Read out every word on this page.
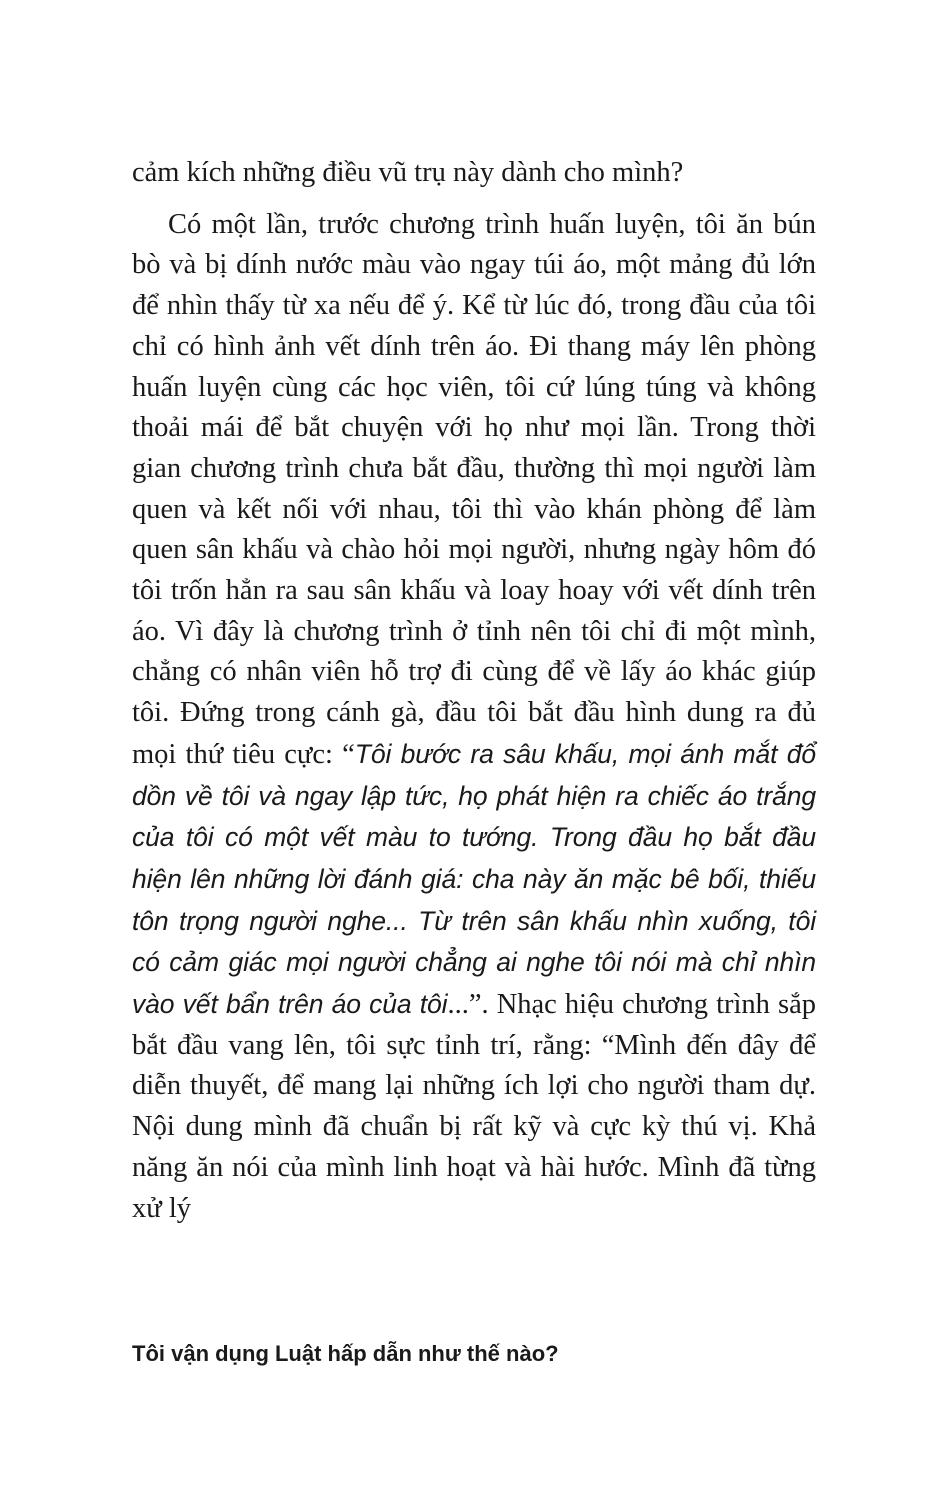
cảm kích những điều vũ trụ này dành cho mình?

Có một lần, trước chương trình huấn luyện, tôi ăn bún bò và bị dính nước màu vào ngay túi áo, một mảng đủ lớn để nhìn thấy từ xa nếu để ý. Kể từ lúc đó, trong đầu của tôi chỉ có hình ảnh vết dính trên áo. Đi thang máy lên phòng huấn luyện cùng các học viên, tôi cứ lúng túng và không thoải mái để bắt chuyện với họ như mọi lần. Trong thời gian chương trình chưa bắt đầu, thường thì mọi người làm quen và kết nối với nhau, tôi thì vào khán phòng để làm quen sân khấu và chào hỏi mọi người, nhưng ngày hôm đó tôi trốn hẳn ra sau sân khấu và loay hoay với vết dính trên áo. Vì đây là chương trình ở tỉnh nên tôi chỉ đi một mình, chẳng có nhân viên hỗ trợ đi cùng để về lấy áo khác giúp tôi. Đứng trong cánh gà, đầu tôi bắt đầu hình dung ra đủ mọi thứ tiêu cực: “Tôi bước ra sâu khấu, mọi ánh mắt đổ dồn về tôi và ngay lập tức, họ phát hiện ra chiếc áo trắng của tôi có một vết màu to tướng. Trong đầu họ bắt đầu hiện lên những lời đánh giá: cha này ăn mặc bê bối, thiếu tôn trọng người nghe... Từ trên sân khấu nhìn xuống, tôi có cảm giác mọi người chẳng ai nghe tôi nói mà chỉ nhìn vào vết bẩn trên áo của tôi...”. Nhạc hiệu chương trình sắp bắt đầu vang lên, tôi sực tỉnh trí, rằng: “Mình đến đây để diễn thuyết, để mang lại những ích lợi cho người tham dự. Nội dung mình đã chuẩn bị rất kỹ và cực kỳ thú vị. Khả năng ăn nói của mình linh hoạt và hài hước. Mình đã từng xử lý

Tôi vận dụng Luật hấp dẫn như thế nào?
